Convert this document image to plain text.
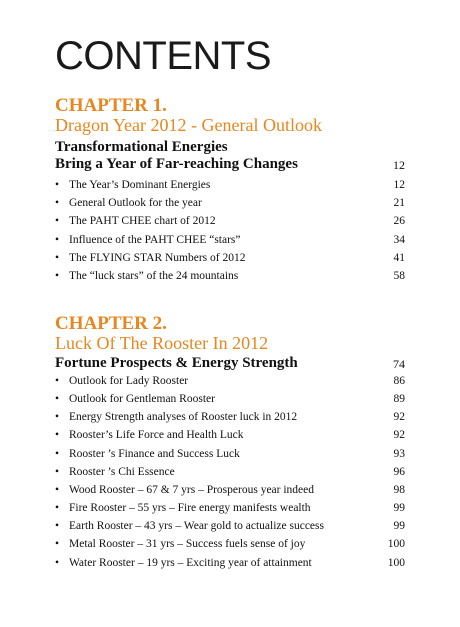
CONTENTS
CHAPTER 1.
Dragon Year 2012 - General Outlook
Transformational Energies
Bring a Year of Far-reaching Changes	12
• The Year’s Dominant Energies	12
• General Outlook for the year	21
• The PAHT CHEE chart of 2012	26
• Influence of the PAHT CHEE “stars”	34
• The FLYING STAR Numbers of 2012	41
• The “luck stars” of the 24 mountains	58
CHAPTER 2.
Luck Of The Rooster In 2012
Fortune Prospects & Energy Strength	74
• Outlook for Lady Rooster	86
• Outlook for Gentleman Rooster	89
• Energy Strength analyses of Rooster luck in 2012	92
• Rooster’s Life Force and Health Luck	92
• Rooster ’s Finance and Success Luck	93
• Rooster ’s Chi Essence	96
• Wood Rooster – 67 & 7 yrs – Prosperous year indeed	98
• Fire Rooster – 55 yrs – Fire energy manifests wealth	99
• Earth Rooster – 43 yrs – Wear gold to actualize success	99
• Metal Rooster – 31 yrs – Success fuels sense of joy	100
• Water Rooster – 19 yrs – Exciting year of attainment	100
